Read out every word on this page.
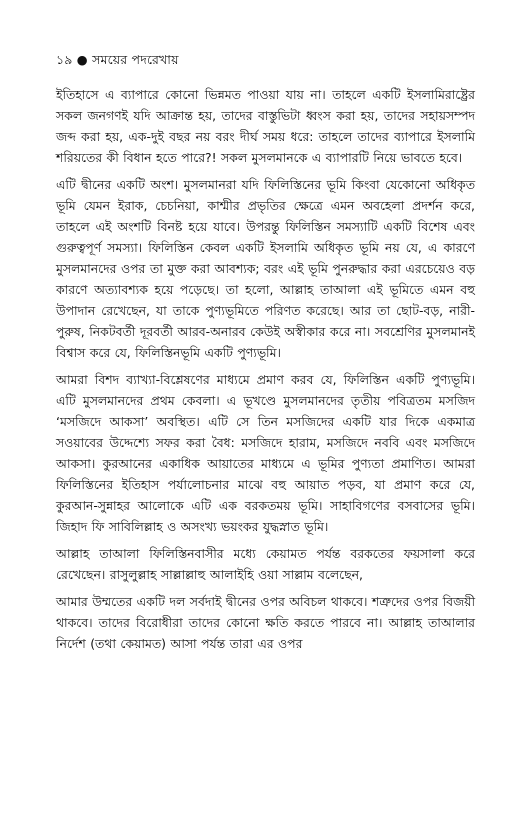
১৯ ● সময়ের পদরেখায়

ইতিহাসে এ ব্যাপারে কোনো ভিন্নমত পাওয়া যায় না। তাহলে একটি ইসলামিরাষ্ট্রের সকল জনগণই যদি আক্রান্ত হয়, তাদের বাস্তুভিটা ধ্বংস করা হয়, তাদের সহায়সম্পদ জব্দ করা হয়, এক-দুই বছর নয় বরং দীর্ঘ সময় ধরে: তাহলে তাদের ব্যাপারে ইসলামি শরিয়তের কী বিধান হতে পারে?! সকল মুসলমানকে এ ব্যাপারটি নিয়ে ভাবতে হবে।

এটি দ্বীনের একটি অংশ। মুসলমানরা যদি ফিলিস্তিনের ভূমি কিংবা যেকোনো অধিকৃত ভূমি যেমন ইরাক, চেচনিয়া, কাশ্মীর প্রভৃতির ক্ষেত্রে এমন অবহেলা প্রদর্শন করে, তাহলে এই অংশটি বিনষ্ট হয়ে যাবে। উপরন্তু ফিলিস্তিন সমস্যাটি একটি বিশেষ এবং গুরুত্বপূর্ণ সমস্যা। ফিলিস্তিন কেবল একটি ইসলামি অধিকৃত ভূমি নয় যে, এ কারণে মুসলমানদের ওপর তা মুক্ত করা আবশ্যক; বরং এই ভূমি পুনরুদ্ধার করা এরচেয়েও বড় কারণে অত্যাবশ্যক হয়ে পড়েছে। তা হলো, আল্লাহ তাআলা এই ভূমিতে এমন বহু উপাদান রেখেছেন, যা তাকে পুণ্যভূমিতে পরিণত করেছে। আর তা ছোট-বড়, নারী-পুরুষ, নিকটবর্তী দূরবর্তী আরব-অনারব কেউই অস্বীকার করে না। সবশ্রেণির মুসলমানই বিশ্বাস করে যে, ফিলিস্তিনভূমি একটি পুণ্যভূমি।

আমরা বিশদ ব্যাখ্যা-বিশ্লেষণের মাধ্যমে প্রমাণ করব যে, ফিলিস্তিন একটি পুণ্যভূমি। এটি মুসলমানদের প্রথম কেবলা। এ ভূখণ্ডে মুসলমানদের তৃতীয় পবিত্রতম মসজিদ ‘মসজিদে আকসা’ অবস্থিত। এটি সে তিন মসজিদের একটি যার দিকে একমাত্র সওয়াবের উদ্দেশ্যে সফর করা বৈধ: মসজিদে হারাম, মসজিদে নববি এবং মসজিদে আকসা। কুরআনের একাধিক আয়াতের মাধ্যমে এ ভূমির পুণ্যতা প্রমাণিত। আমরা ফিলিস্তিনের ইতিহাস পর্যালোচনার মাঝে বহু আয়াত পড়ব, যা প্রমাণ করে যে, কুরআন-সুন্নাহর আলোকে এটি এক বরকতময় ভূমি। সাহাবিগণের বসবাসের ভূমি। জিহাদ ফি সাবিলিল্লাহ ও অসংখ্য ভয়ংকর যুদ্ধস্নাত ভূমি।

আল্লাহ তাআলা ফিলিস্তিনবাসীর মধ্যে কেয়ামত পর্যন্ত বরকতের ফয়সালা করে রেখেছেন। রাসুলুল্লাহ সাল্লাল্লাহু আলাইহি ওয়া সাল্লাম বলেছেন,

আমার উম্মতের একটি দল সর্বদাই দ্বীনের ওপর অবিচল থাকবে। শত্রুদের ওপর বিজয়ী থাকবে। তাদের বিরোধীরা তাদের কোনো ক্ষতি করতে পারবে না। আল্লাহ তাআলার নির্দেশ (তথা কেয়ামত) আসা পর্যন্ত তারা এর ওপর
